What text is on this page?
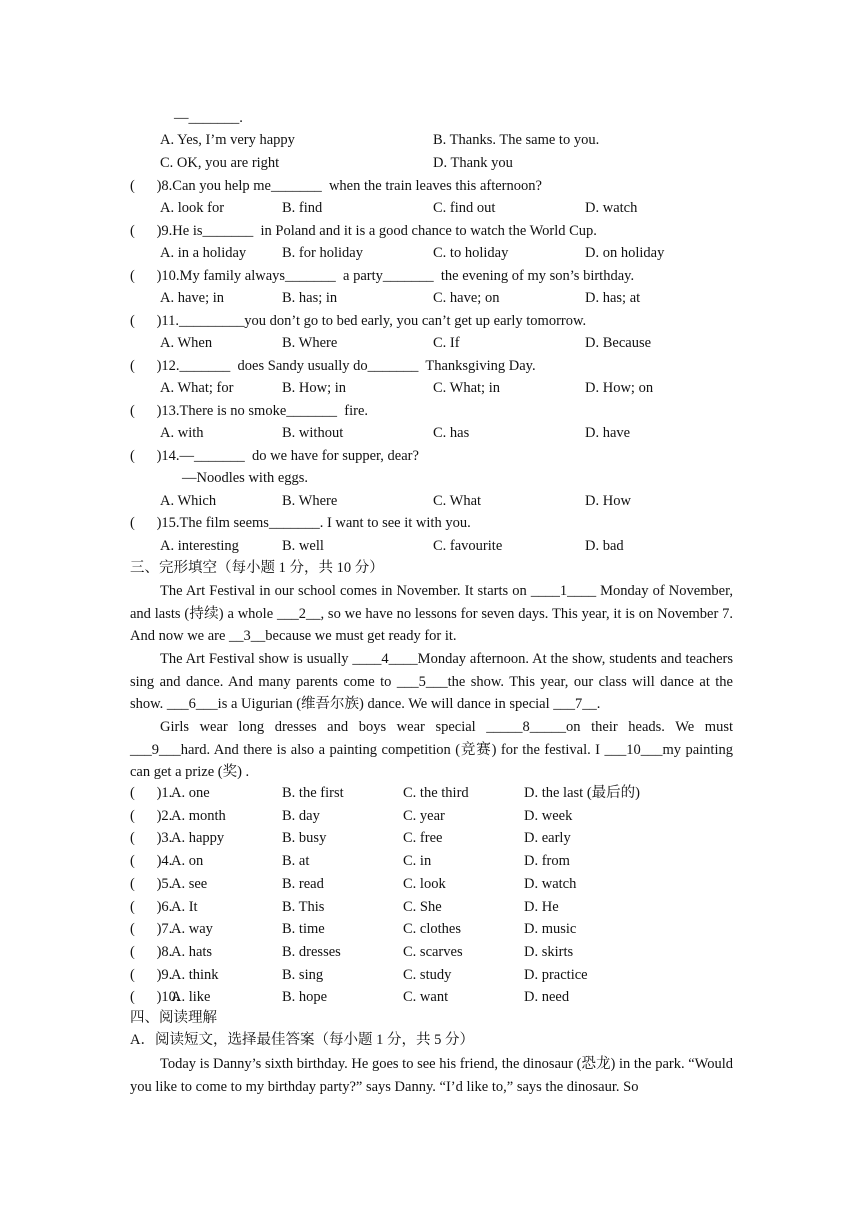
—_______.
A. Yes, I’m very happy	B. Thanks. The same to you.
C. OK, you are right	D. Thank you
(      )8.Can you help me_______  when the train leaves this afternoon?
A. look for	B. find	C. find out	D. watch
(      )9.He is_______  in Poland and it is a good chance to watch the World Cup.
A. in a holiday B. for holiday	C. to holiday	D. on holiday
(      )10.My family always_______  a party_______  the evening of my son’s birthday.
A. have; in	B. has; in	C. have; on	D. has; at
(      )11._________you don’t go to bed early, you can’t get up early tomorrow.
A. When	B. Where	C. If	D. Because
(      )12._______  does Sandy usually do_______  Thanksgiving Day.
A. What; for	B. How; in	C. What; in	D. How; on
(      )13.There is no smoke_______  fire.
A. with	B. without	C. has	D. have
(      )14.—_______  do we have for supper, dear?
—Noodles with eggs.
A. Which	B. Where	C. What	D. How
(      )15.The film seems_______. I want to see it with you.
A. interesting	B. well	C. favourite	D. bad
三、完形填空（每小题 1 分，共 10 分）
The Art Festival in our school comes in November. It starts on ____1____ Monday of November, and lasts (持续) a whole ___2__, so we have no lessons for seven days. This year, it is on November 7. And now we are __3__because we must get ready for it.
The Art Festival show is usually ____4____Monday afternoon. At the show, students and teachers sing and dance. And many parents come to ___5___the show. This year, our class will dance at the show. ___6___is a Uigurian (维吾尔族) dance. We will dance in special ___7__.
Girls wear long dresses and boys wear special _____8_____on their heads. We must ___9___hard. And there is also a painting competition (竞赛) for the festival. I ___10___my painting can get a prize (奖) .
(      )1.
A. one	B. the first	C. the third	D. the last (最后的)
(      )2.
A. month	B. day	C. year	D. week
(      )3.
A. happy	B. busy	C. free	D. early
(      )4.
A. on	B. at	C. in	D. from
(      )5.
A. see	B. read	C. look	D. watch
(      )6.
A. It	B. This	C. She	D. He
(      )7.
A. way	B. time	C. clothes	D. music
(      )8.
A. hats	B. dresses	C. scarves	D. skirts
(      )9.
A. think	B. sing	C. study	D. practice
(      )10.
A. like	B. hope	C. want	D. need
四、阅读理解
A．阅读短文，选择最佳答案（每小题 1 分，共 5 分）
Today is Danny’s sixth birthday. He goes to see his friend, the dinosaur (恐龙) in the park. “Would you like to come to my birthday party?” says Danny. “I’d like to,” says the dinosaur. So
